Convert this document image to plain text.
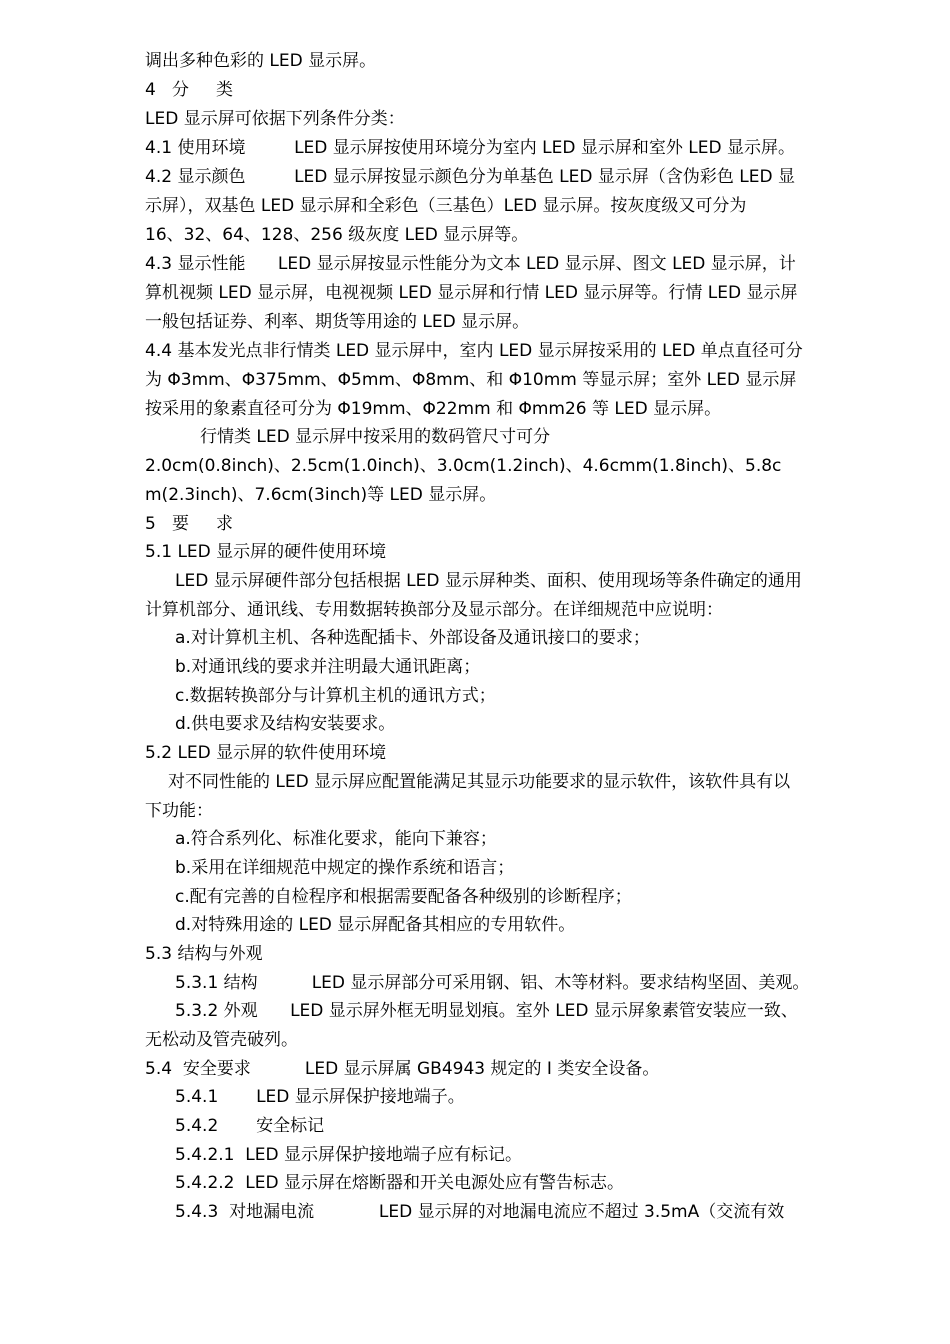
调出多种色彩的 LED 显示屏。
4   分     类
LED 显示屏可依据下列条件分类：
4.1 使用环境         LED 显示屏按使用环境分为室内 LED 显示屏和室外 LED 显示屏。
4.2 显示颜色         LED 显示屏按显示颜色分为单基色 LED 显示屏（含伪彩色 LED 显
示屏），双基色 LED 显示屏和全彩色（三基色）LED 显示屏。按灰度级又可分为
16、32、64、128、256 级灰度 LED 显示屏等。
4.3 显示性能      LED 显示屏按显示性能分为文本 LED 显示屏、图文 LED 显示屏，计
算机视频 LED 显示屏，电视视频 LED 显示屏和行情 LED 显示屏等。行情 LED 显示屏
一般包括证券、利率、期货等用途的 LED 显示屏。
4.4 基本发光点非行情类 LED 显示屏中，室内 LED 显示屏按采用的 LED 单点直径可分
为 Φ3mm、Φ375mm、Φ5mm、Φ8mm、和 Φ10mm 等显示屏；室外 LED 显示屏
按采用的象素直径可分为 Φ19mm、Φ22mm 和 Φmm26 等 LED 显示屏。
行情类 LED 显示屏中按采用的数码管尺寸可分
2.0cm(0.8inch)、2.5cm(1.0inch)、3.0cm(1.2inch)、4.6cmm(1.8inch)、5.8c
m(2.3inch)、7.6cm(3inch)等 LED 显示屏。
5   要     求
5.1 LED 显示屏的硬件使用环境
LED 显示屏硬件部分包括根据 LED 显示屏种类、面积、使用现场等条件确定的通用
计算机部分、通讯线、专用数据转换部分及显示部分。在详细规范中应说明：
a.对计算机主机、各种选配插卡、外部设备及通讯接口的要求；
b.对通讯线的要求并注明最大通讯距离；
c.数据转换部分与计算机主机的通讯方式；
d.供电要求及结构安装要求。
5.2 LED 显示屏的软件使用环境
对不同性能的 LED 显示屏应配置能满足其显示功能要求的显示软件，该软件具有以
下功能：
a.符合系列化、标准化要求，能向下兼容；
b.采用在详细规范中规定的操作系统和语言；
c.配有完善的自检程序和根据需要配备各种级别的诊断程序；
d.对特殊用途的 LED 显示屏配备其相应的专用软件。
5.3 结构与外观
5.3.1 结构          LED 显示屏部分可采用钢、铝、木等材料。要求结构坚固、美观。
5.3.2 外观      LED 显示屏外框无明显划痕。室外 LED 显示屏象素管安装应一致、
无松动及管壳破列。
5.4  安全要求          LED 显示屏属 GB4943 规定的 I 类安全设备。
5.4.1       LED 显示屏保护接地端子。
5.4.2       安全标记
5.4.2.1  LED 显示屏保护接地端子应有标记。
5.4.2.2  LED 显示屏在熔断器和开关电源处应有警告标志。
5.4.3  对地漏电流            LED 显示屏的对地漏电流应不超过 3.5mA（交流有效
